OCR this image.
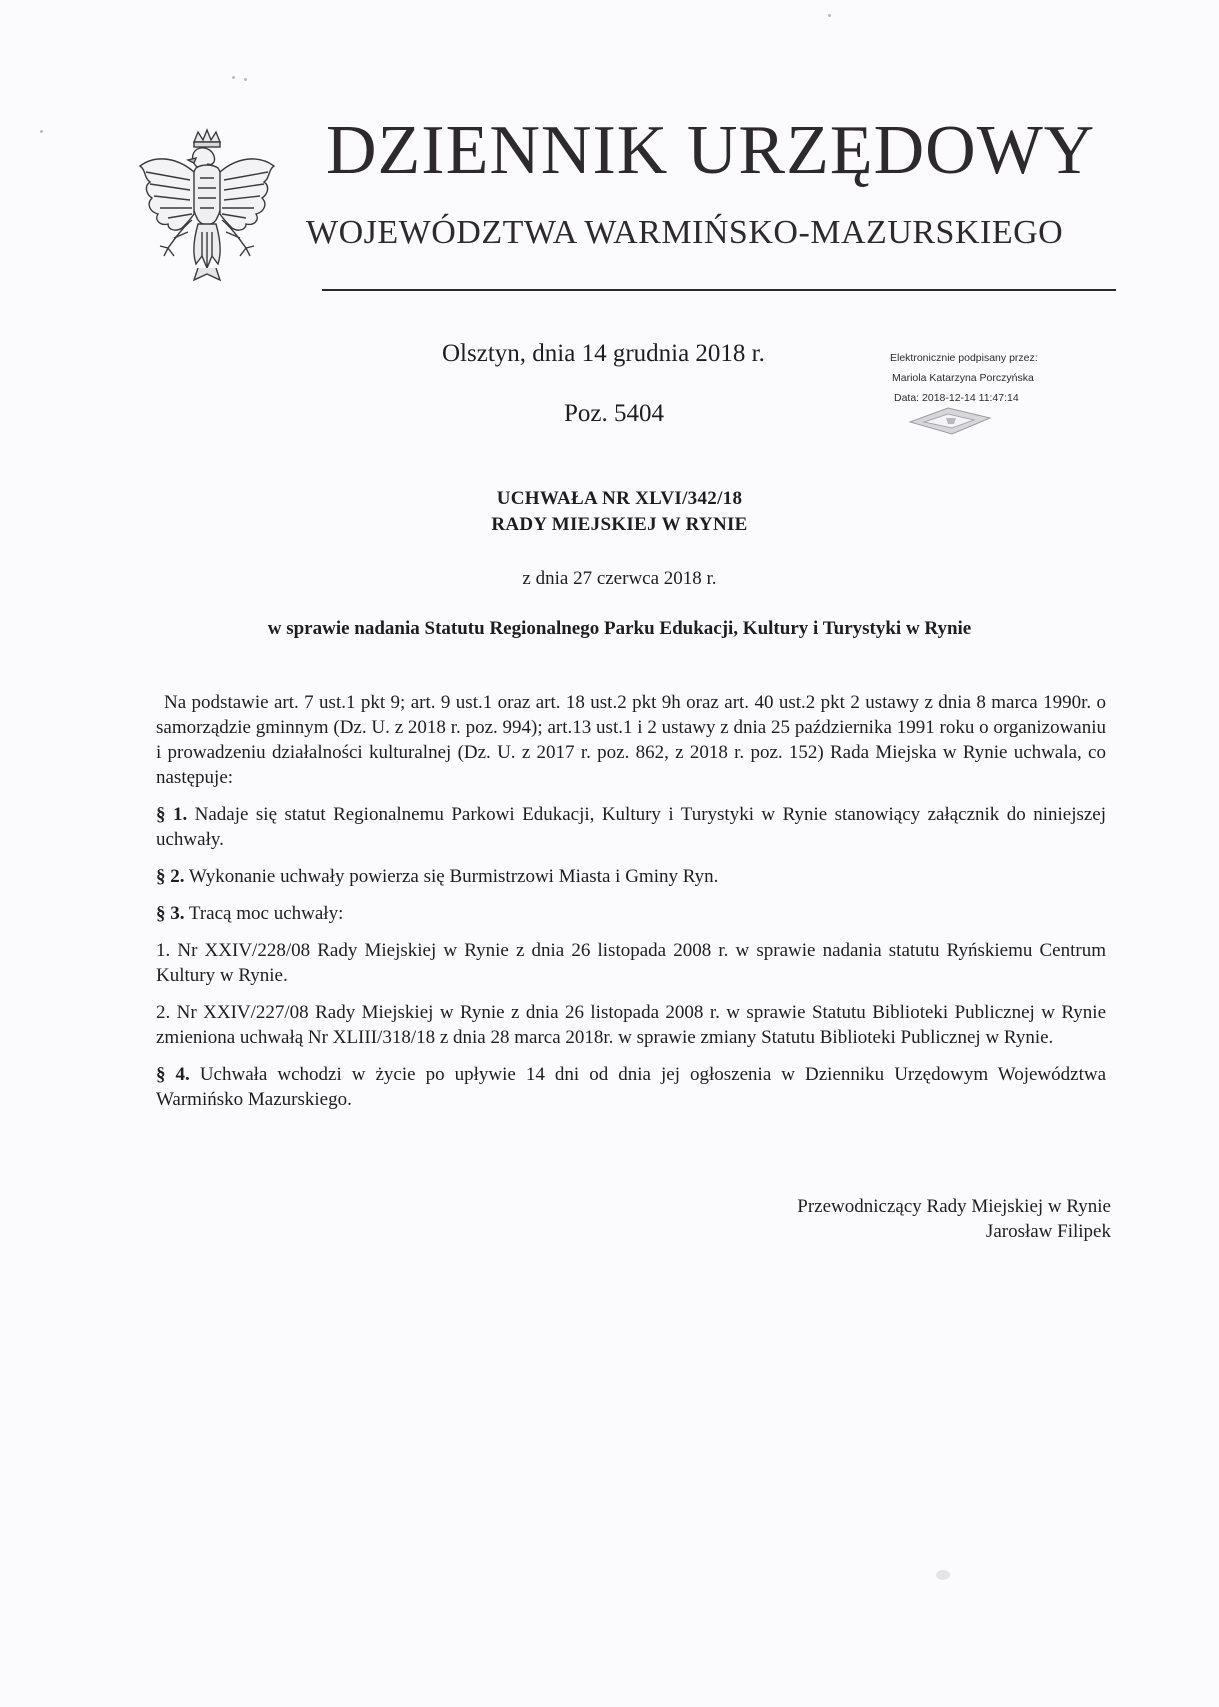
DZIENNIK URZĘDOWY
WOJEWÓDZTWA WARMIŃSKO-MAZURSKIEGO
Olsztyn, dnia 14 grudnia 2018 r.
Poz. 5404
Elektronicznie podpisany przez:
Mariola Katarzyna Porczyńska
Data: 2018-12-14 11:47:14
UCHWAŁA NR XLVI/342/18
RADY MIEJSKIEJ W RYNIE
z dnia 27 czerwca 2018 r.
w sprawie nadania Statutu Regionalnego Parku Edukacji, Kultury i Turystyki w Rynie

Na podstawie art. 7 ust.1 pkt 9; art. 9 ust.1 oraz art. 18 ust.2 pkt 9h oraz art. 40 ust.2 pkt 2 ustawy z dnia 8 marca 1990r. o samorządzie gminnym (Dz. U. z 2018 r. poz. 994); art.13 ust.1 i 2 ustawy z dnia 25 października 1991 roku o organizowaniu i prowadzeniu działalności kulturalnej (Dz. U. z 2017 r. poz. 862, z 2018 r. poz. 152) Rada Miejska w Rynie uchwala, co następuje:

§ 1. Nadaje się statut Regionalnemu Parkowi Edukacji, Kultury i Turystyki w Rynie stanowiący załącznik do niniejszej uchwały.

§ 2. Wykonanie uchwały powierza się Burmistrzowi Miasta i Gminy Ryn.

§ 3. Tracą moc uchwały:

1. Nr XXIV/228/08 Rady Miejskiej w Rynie z dnia 26 listopada 2008 r. w sprawie nadania statutu Ryńskiemu Centrum Kultury w Rynie.

2. Nr XXIV/227/08 Rady Miejskiej w Rynie z dnia 26 listopada 2008 r. w sprawie Statutu Biblioteki Publicznej w Rynie zmieniona uchwałą Nr XLIII/318/18 z dnia 28 marca 2018r. w sprawie zmiany Statutu Biblioteki Publicznej w Rynie.

§ 4. Uchwała wchodzi w życie po upływie 14 dni od dnia jej ogłoszenia w Dzienniku Urzędowym Województwa Warmińsko Mazurskiego.

Przewodniczący Rady Miejskiej w Rynie
Jarosław Filipek
